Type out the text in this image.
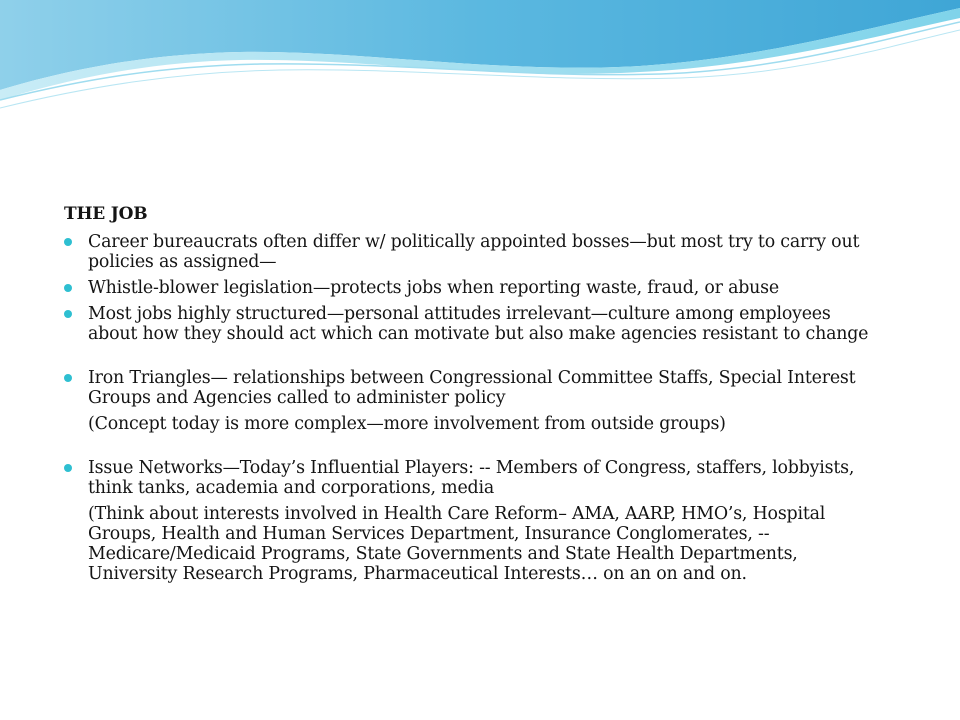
THE JOB

Career bureaucrats often differ w/ politically appointed bosses—but most try to carry out policies as assigned—

Whistle-blower legislation—protects jobs when reporting waste, fraud, or abuse

Most jobs highly structured—personal attitudes irrelevant—culture among employees about how they should act which can motivate but also make agencies resistant to change

Iron Triangles— relationships between Congressional Committee Staffs, Special Interest Groups and Agencies called to administer policy

(Concept today is more complex—more involvement from outside groups)

Issue Networks—Today’s Influential Players: -- Members of Congress, staffers, lobbyists, think tanks, academia and corporations, media

(Think about interests involved in Health Care Reform– AMA, AARP, HMO’s, Hospital Groups, Health and Human Services Department, Insurance Conglomerates, --Medicare/Medicaid Programs, State Governments and State Health Departments, University Research Programs, Pharmaceutical Interests… on an on and on.
